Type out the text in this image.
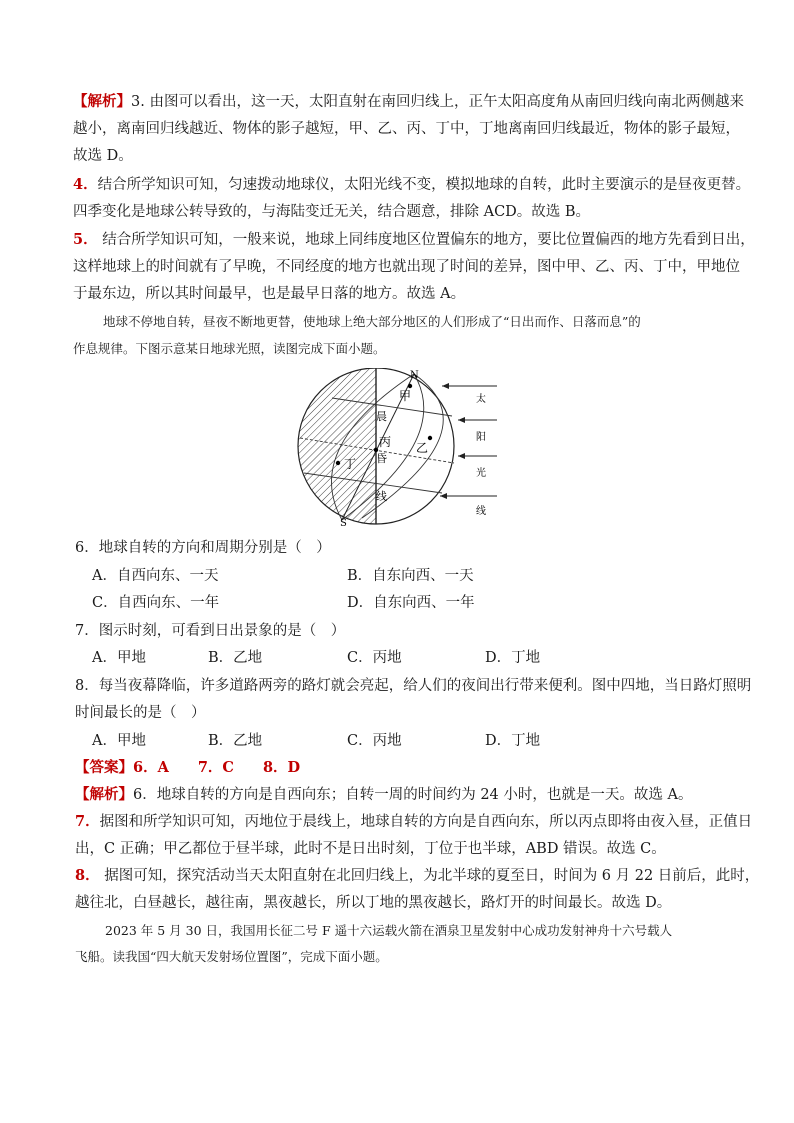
【解析】3. 由图可以看出，这一天，太阳直射在南回归线上，正午太阳高度角从南回归线向南北两侧越来
越小，离南回归线越近、物体的影子越短，甲、乙、丙、丁中，丁地离南回归线最近，物体的影子最短，
故选 D。
4．结合所学知识可知，匀速拨动地球仪，太阳光线不变，模拟地球的自转，此时主要演示的是昼夜更替。
四季变化是地球公转导致的，与海陆变迁无关，结合题意，排除 ACD。故选 B。
5． 结合所学知识可知，一般来说，地球上同纬度地区位置偏东的地方，要比位置偏西的地方先看到日出，
这样地球上的时间就有了早晚，不同经度的地方也就出现了时间的差异，图中甲、乙、丙、丁中，甲地位
于最东边，所以其时间最早，也是最早日落的地方。故选 A。
地球不停地自转，昼夜不断地更替，使地球上绝大部分地区的人们形成了“日出而作、日落而息”的
作息规律。下图示意某日地球光照，读图完成下面小题。
N
S
甲
乙
丙
丁
晨
昏
线
太
阳
光
线
6．地球自转的方向和周期分别是（　）
A．自西向东、一天	B．自东向西、一天
C．自西向东、一年	D．自东向西、一年
7．图示时刻，可看到日出景象的是（　）
A．甲地	B．乙地	C．丙地	D．丁地
8．每当夜幕降临，许多道路两旁的路灯就会亮起，给人们的夜间出行带来便利。图中四地，当日路灯照明
时间最长的是（　）
A．甲地	B．乙地	C．丙地	D．丁地
【答案】6．A　　7．C　　8．D
【解析】6．地球自转的方向是自西向东；自转一周的时间约为 24 小时，也就是一天。故选 A。
7．据图和所学知识可知，丙地位于晨线上，地球自转的方向是自西向东，所以丙点即将由夜入昼，正值日
出，C 正确；甲乙都位于昼半球，此时不是日出时刻，丁位于也半球，ABD 错误。故选 C。
8． 据图可知，探究活动当天太阳直射在北回归线上，为北半球的夏至日，时间为 6 月 22 日前后，此时，
越往北，白昼越长，越往南，黑夜越长，所以丁地的黑夜越长，路灯开的时间最长。故选 D。
2023 年 5 月 30 日，我国用长征二号 F 遥十六运载火箭在酒泉卫星发射中心成功发射神舟十六号载人
飞船。读我国“四大航天发射场位置图”，完成下面小题。
